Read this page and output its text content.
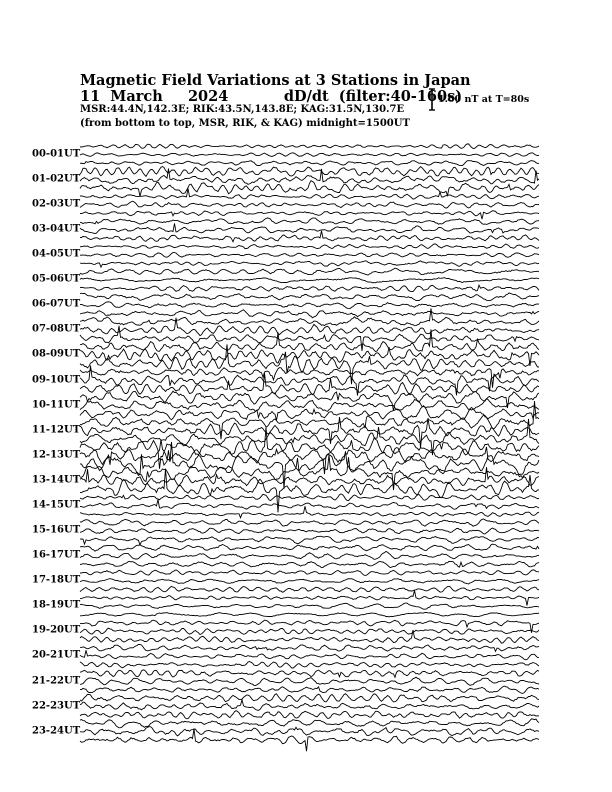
Magnetic Field Variations at 3 Stations in Japan
11  March     2024           dD/dt  (filter:40-160s)
MSR:44.4N,142.3E; RIK:43.5N,143.8E; KAG:31.5N,130.7E
(from bottom to top, MSR, RIK, & KAG) midnight=1500UT
1.00 nT at T=80s
00-01UT
01-02UT
02-03UT
03-04UT
04-05UT
05-06UT
06-07UT
07-08UT
08-09UT
09-10UT
10-11UT
11-12UT
12-13UT
13-14UT
14-15UT
15-16UT
16-17UT
17-18UT
18-19UT
19-20UT
20-21UT
21-22UT
22-23UT
23-24UT
